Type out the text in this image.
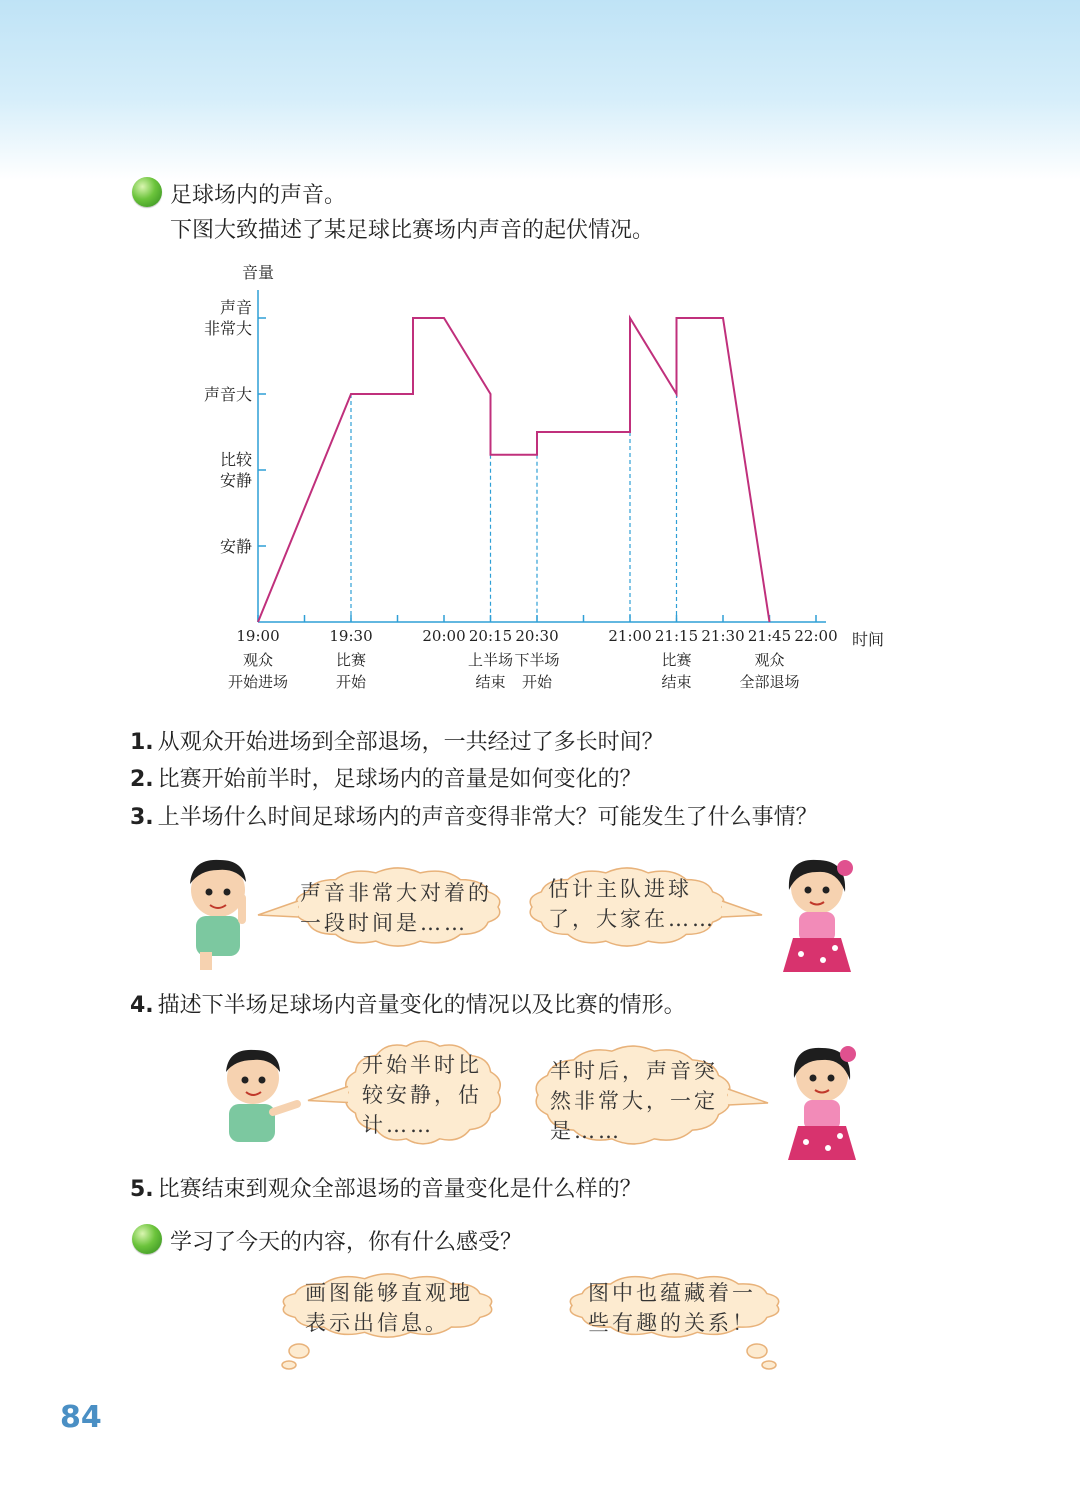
足球场内的声音。
下图大致描述了某足球比赛场内声音的起伏情况。
音量
时间
安静
比较
安静
声音大
声音
非常大
19:00	19:30	20:00 20:15 20:30	21:00 21:15 21:30 21:45 22:00
观众
开始进场
比赛
开始
上半场
结束
下半场
开始
比赛
结束
观众
全部退场
1. 从观众开始进场到全部退场，一共经过了多长时间？
2. 比赛开始前半时，足球场内的音量是如何变化的？
3. 上半场什么时间足球场内的声音变得非常大？可能发生了什么事情？
声音非常大对着的
一段时间是……
估计主队进球
了，大家在……
4. 描述下半场足球场内音量变化的情况以及比赛的情形。
开始半时比
较安静，估
计……
半时后，声音突
然非常大，一定
是……
5. 比赛结束到观众全部退场的音量变化是什么样的？
学习了今天的内容，你有什么感受？
画图能够直观地
表示出信息。
图中也蕴藏着一
些有趣的关系！
84
